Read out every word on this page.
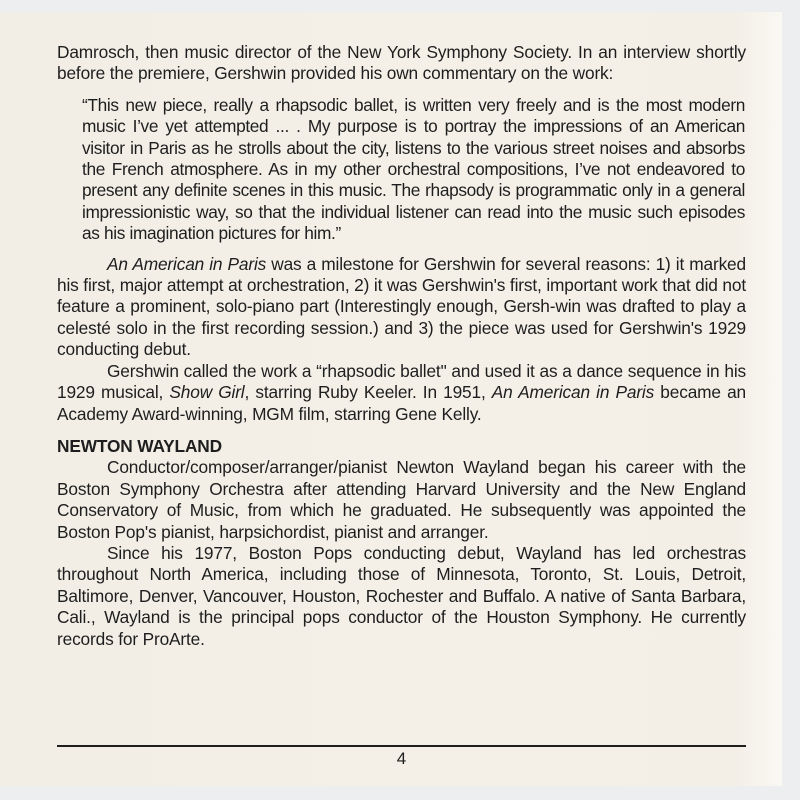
Damrosch, then music director of the New York Symphony Society. In an interview shortly before the premiere, Gershwin provided his own commentary on the work:

“This new piece, really a rhapsodic ballet, is written very freely and is the most modern music I’ve yet attempted ... . My purpose is to portray the impressions of an American visitor in Paris as he strolls about the city, listens to the various street noises and absorbs the French atmosphere. As in my other orchestral compositions, I’ve not endeavored to present any definite scenes in this music. The rhapsody is programmatic only in a general impressionistic way, so that the individual listener can read into the music such episodes as his imagination pictures for him.”

An American in Paris was a milestone for Gershwin for several reasons: 1) it marked his first, major attempt at orchestration, 2) it was Gershwin's first, important work that did not feature a prominent, solo-piano part (Interestingly enough, Gersh-win was drafted to play a celesté solo in the first recording session.) and 3) the piece was used for Gershwin's 1929 conducting debut.

Gershwin called the work a “rhapsodic ballet" and used it as a dance sequence in his 1929 musical, Show Girl, starring Ruby Keeler. In 1951, An American in Paris became an Academy Award-winning, MGM film, starring Gene Kelly.

NEWTON WAYLAND

Conductor/composer/arranger/pianist Newton Wayland began his career with the Boston Symphony Orchestra after attending Harvard University and the New England Conservatory of Music, from which he graduated. He subsequently was appointed the Boston Pop's pianist, harpsichordist, pianist and arranger.

Since his 1977, Boston Pops conducting debut, Wayland has led orchestras throughout North America, including those of Minnesota, Toronto, St. Louis, Detroit, Baltimore, Denver, Vancouver, Houston, Rochester and Buffalo. A native of Santa Barbara, Cali., Wayland is the principal pops conductor of the Houston Symphony. He currently records for ProArte.

4
